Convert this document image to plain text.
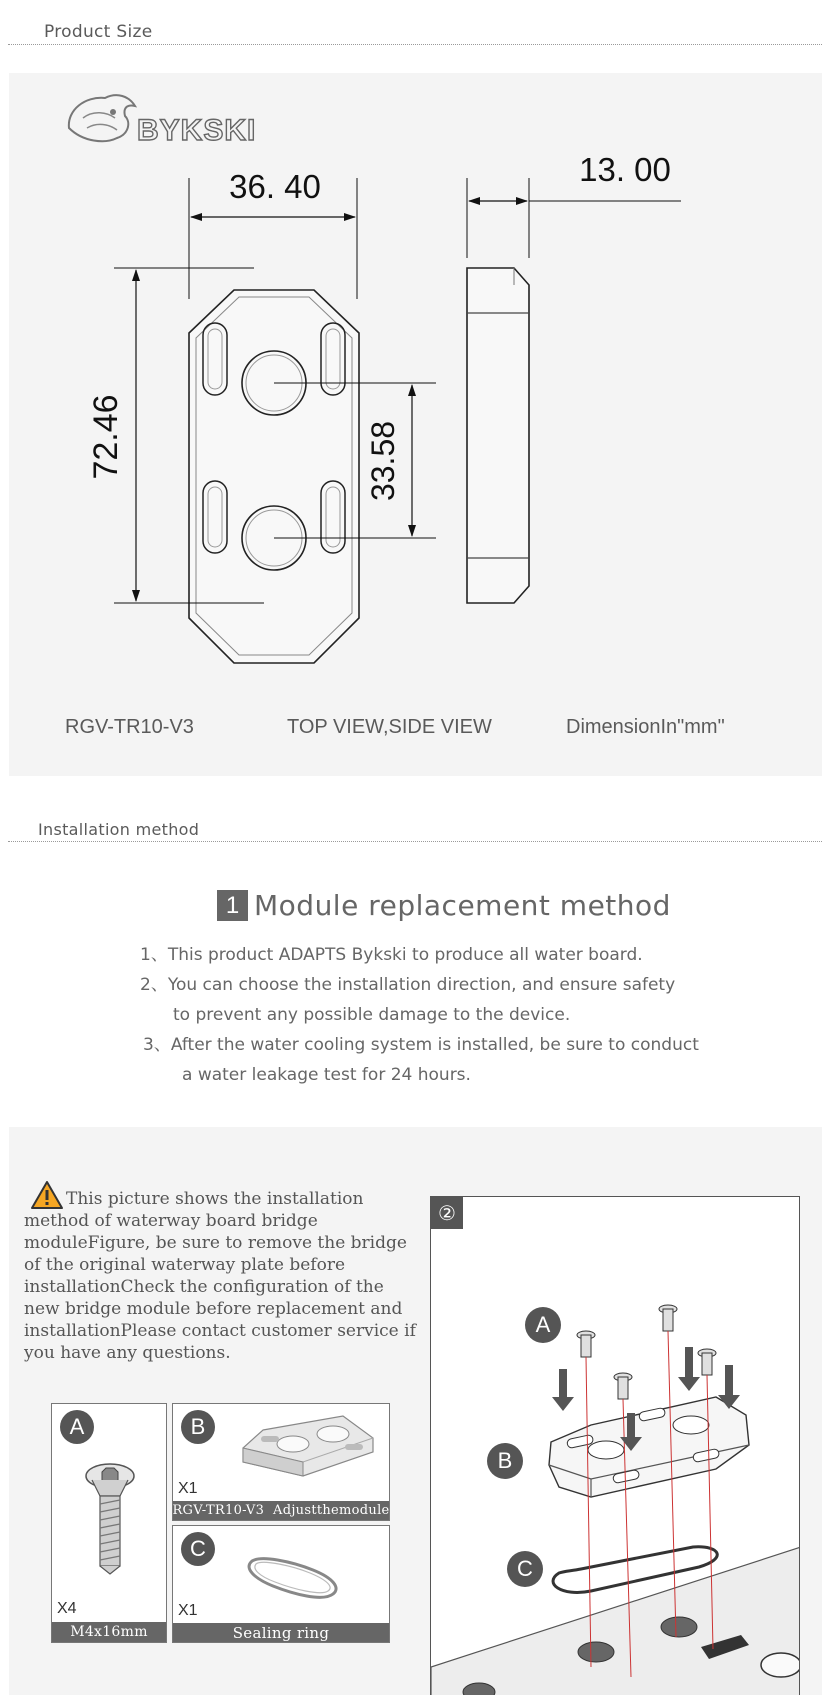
Product Size
BYKSKI
36. 40
72.46	33.58
13. 00
RGV-TR10-V3	TOP VIEW,SIDE VIEW	DimensionIn"mm"
Installation method
1 Module replacement method
1、This product ADAPTS Bykski to produce all water board.
2、You can choose the installation direction, and ensure safety
to prevent any possible damage to the device.
3、After the water cooling system is installed, be sure to conduct
a water leakage test for 24 hours.
This picture shows the installation method of waterway board bridge moduleFigure, be sure to remove the bridge of the original waterway plate before installationCheck the configuration of the new bridge module before replacement and installationPlease contact customer service if you have any questions.
A
X4
M4x16mm
B
X1
RGV-TR10-V3  Adjustthemodule
C
X1
Sealing ring
②
A
B
C
